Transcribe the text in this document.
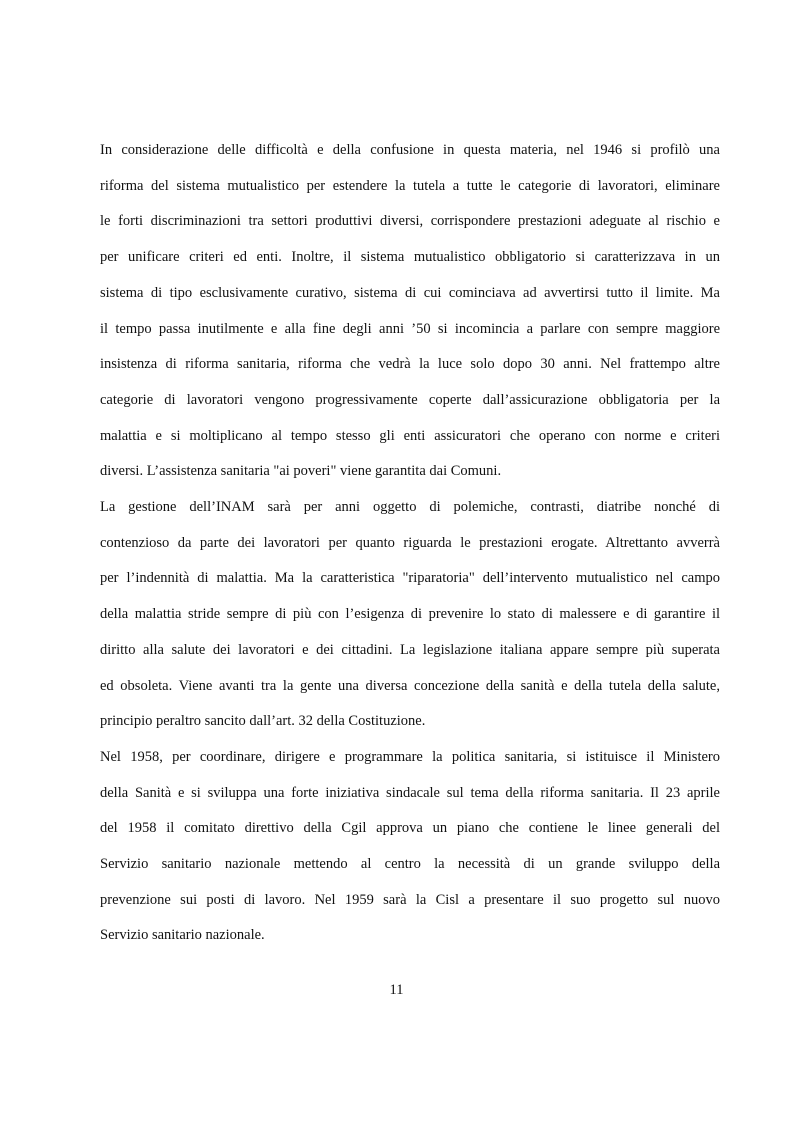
In considerazione delle difficoltà e della confusione in questa materia, nel 1946 si profilò una
riforma del sistema mutualistico per estendere la tutela a tutte le categorie di lavoratori, eliminare
le forti discriminazioni tra settori produttivi diversi, corrispondere prestazioni adeguate al rischio e
per unificare criteri ed enti. Inoltre, il sistema mutualistico obbligatorio si caratterizzava in un
sistema di tipo esclusivamente curativo, sistema di cui cominciava ad avvertirsi tutto il limite. Ma
il tempo passa inutilmente e alla fine degli anni ’50 si incomincia a parlare con sempre maggiore
insistenza di riforma sanitaria, riforma che vedrà la luce solo dopo 30 anni. Nel frattempo altre
categorie di lavoratori vengono progressivamente coperte dall’assicurazione obbligatoria per la
malattia e si moltiplicano al tempo stesso gli enti assicuratori che operano con norme e criteri
diversi. L’assistenza sanitaria "ai poveri" viene garantita dai Comuni.
La gestione dell’INAM sarà per anni oggetto di polemiche, contrasti, diatribe nonché di
contenzioso da parte dei lavoratori per quanto riguarda le prestazioni erogate. Altrettanto avverrà
per l’indennità di malattia. Ma la caratteristica "riparatoria" dell’intervento mutualistico nel campo
della malattia stride sempre di più con l’esigenza di prevenire lo stato di malessere e di garantire il
diritto alla salute dei lavoratori e dei cittadini. La legislazione italiana appare sempre più superata
ed obsoleta. Viene avanti tra la gente una diversa concezione della sanità e della tutela della salute,
principio peraltro sancito dall’art. 32 della Costituzione.
Nel 1958, per coordinare, dirigere e programmare la politica sanitaria, si istituisce il Ministero
della Sanità e si sviluppa una forte iniziativa sindacale sul tema della riforma sanitaria. Il 23 aprile
del 1958 il comitato direttivo della Cgil approva un piano che contiene le linee generali del
Servizio sanitario nazionale mettendo al centro la necessità di un grande sviluppo della
prevenzione sui posti di lavoro. Nel 1959 sarà la Cisl a presentare il suo progetto sul nuovo
Servizio sanitario nazionale.
11
